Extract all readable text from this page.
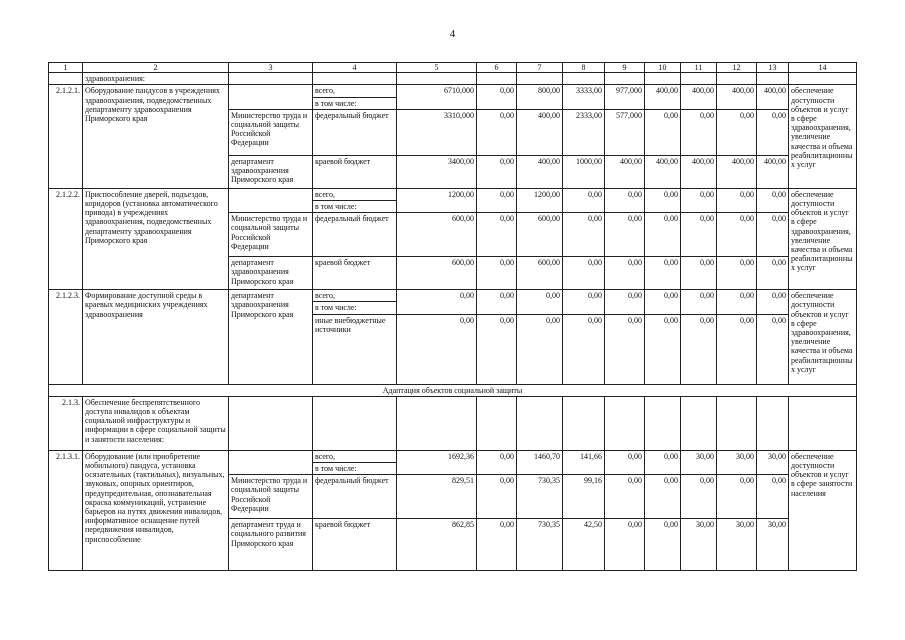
4
1	2	3	4	5	6	7	8	9	10	11	12	13	14
	здравоохранения:												
2.1.2.1.	Оборудование пандусов в учреждениях здравоохранения, подведомственных департаменту здравоохранения Приморского края		всего,	6710,000	0,00	800,00	3333,00	977,000	400,00	400,00	400,00	400,00	обеспечение доступности объектов и услуг в сфере здравоохранения, увеличение качества и объема реабилитационных услуг
			в том числе:										
		Министерство труда и социальной защиты Российской Федерации	федеральный бюджет	3310,000	0,00	400,00	2333,00	577,000	0,00	0,00	0,00	0,00	
		департамент здравоохранения Приморского края	краевой бюджет	3400,00	0,00	400,00	1000,00	400,00	400,00	400,00	400,00	400,00	
2.1.2.2.	Приспособление дверей, подъездов, коридоров (установка автоматического привода) в учреждениях здравоохранения, подведомственных департаменту здравоохранения Приморского края		всего,	1200,00	0,00	1200,00	0,00	0,00	0,00	0,00	0,00	0,00	обеспечение доступности объектов и услуг в сфере здравоохранения, увеличение качества и объема реабилитационных услуг
			в том числе:										
		Министерство труда и социальной защиты Российской Федерации	федеральный бюджет	600,00	0,00	600,00	0,00	0,00	0,00	0,00	0,00	0,00	
		департамент здравоохранения Приморского края	краевой бюджет	600,00	0,00	600,00	0,00	0,00	0,00	0,00	0,00	0,00	
2.1.2.3.	Формирование доступной среды в краевых медицинских учреждениях здравоохранения	департамент здравоохранения Приморского края	всего,	0,00	0,00	0,00	0,00	0,00	0,00	0,00	0,00	0,00	обеспечение доступности объектов и услуг в сфере здравоохранения, увеличение качества и объема реабилитационных услуг
			в том числе:										
			иные внебюджетные источники	0,00	0,00	0,00	0,00	0,00	0,00	0,00	0,00	0,00	
Адаптация объектов социальной защиты													
2.1.3.	Обеспечение беспрепятственного доступа инвалидов к объектам социальной инфраструктуры и информации в сфере социальной защиты и занятости населения:												
2.1.3.1.	Оборудование (или приобретение мобильного) пандуса, установка осязательных (тактильных), визуальных, звуковых, опорных ориентиров, предупредительная, опознавательная окраска коммуникаций, устранение барьеров на путях движения инвалидов, информативное оснащение путей передвижения инвалидов, приспособление		всего,	1692,36	0,00	1460,70	141,66	0,00	0,00	30,00	30,00	30,00	обеспечение доступности объектов и услуг в сфере занятости населения
			в том числе:										
		Министерство труда и социальной защиты Российской Федерации	федеральный бюджет	829,51	0,00	730,35	99,16	0,00	0,00	0,00	0,00	0,00	
		департамент труда и социального развития Приморского края	краевой бюджет	862,85	0,00	730,35	42,50	0,00	0,00	30,00	30,00	30,00	
